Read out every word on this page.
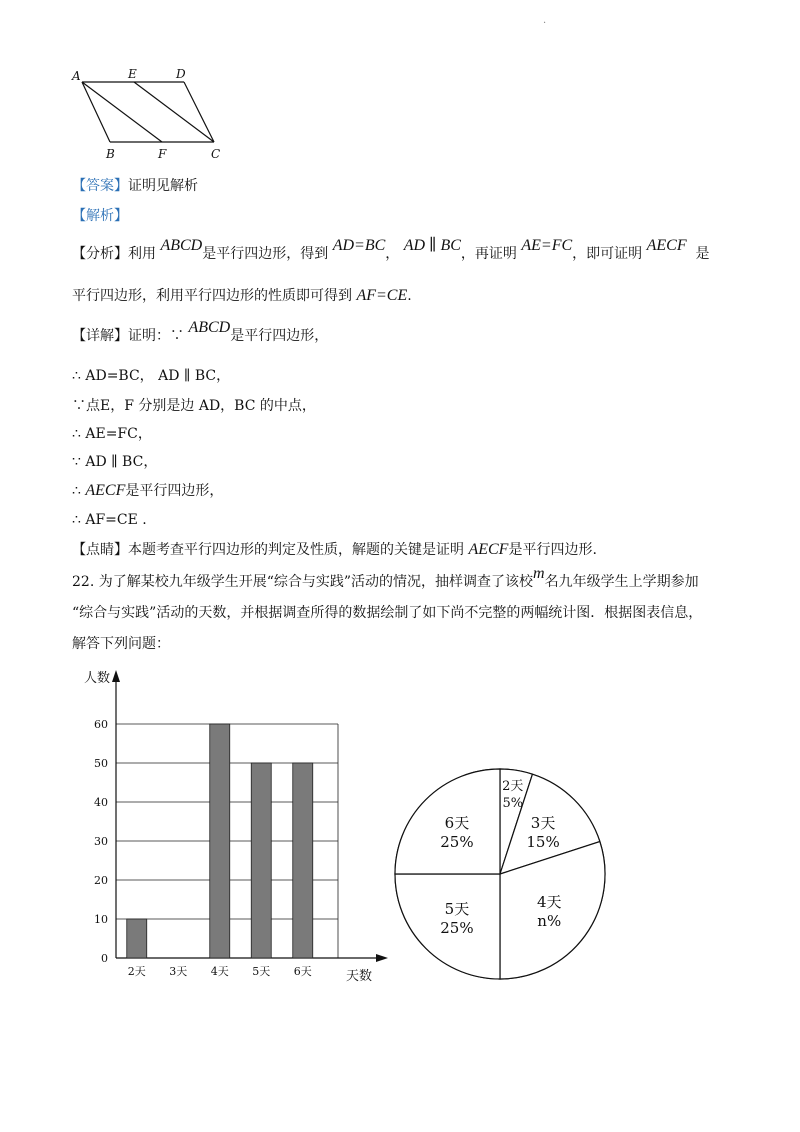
·
A	E	D
B	F	C
【答案】证明见解析
【解析】
【分析】利用 ABCD是平行四边形，得到 AD=BC， AD ∥ BC，再证明 AE=FC，即可证明 AECF 是
平行四边形，利用平行四边形的性质即可得到 AF=CE.
【详解】证明：∵ ABCD是平行四边形，
∴ AD=BC， AD ∥ BC，
∵点E，F 分别是边 AD，BC 的中点，
∴ AE=FC，
∵ AD ∥ BC，
∴ AECF是平行四边形，
∴ AF=CE .
【点睛】本题考查平行四边形的判定及性质，解题的关键是证明 AECF是平行四边形.
22. 为了解某校九年级学生开展“综合与实践”活动的情况，抽样调查了该校m名九年级学生上学期参加
“综合与实践”活动的天数，并根据调查所得的数据绘制了如下尚不完整的两幅统计图．根据图表信息，
解答下列问题：
0
10
20
30
40
50
60
人数
天数
2天 3天 4天 5天 6天
2天
5%
3天
15%
4天
n%
5天
25%
6天
25%
